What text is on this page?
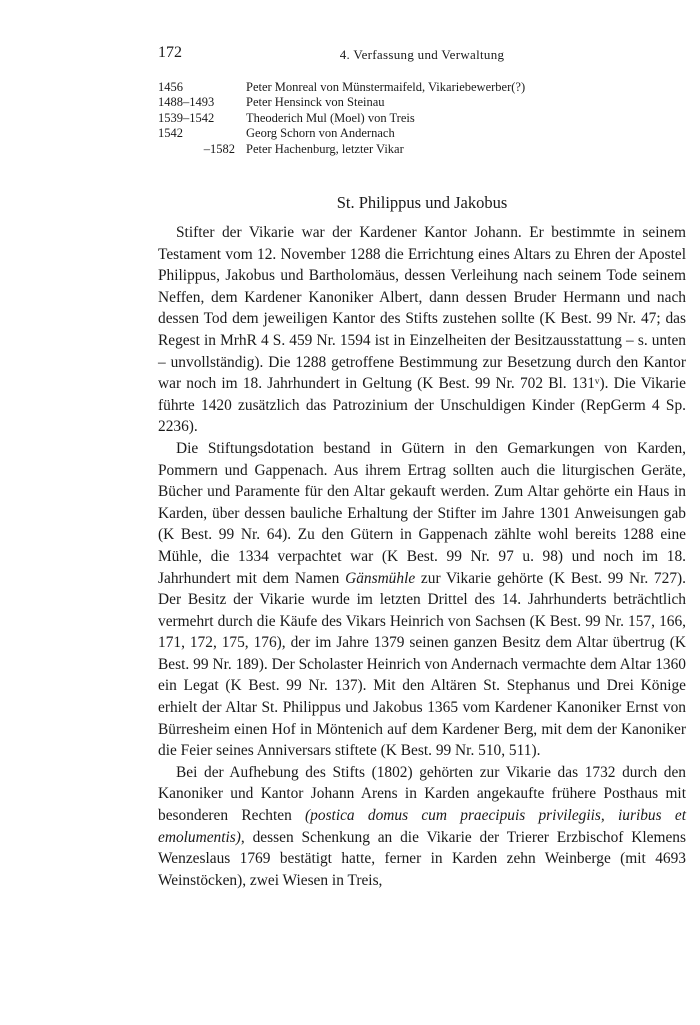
172	4. Verfassung und Verwaltung
1456	Peter Monreal von Münstermaifeld, Vikariebewerber(?)
1488–1493	Peter Hensinck von Steinau
1539–1542	Theoderich Mul (Moel) von Treis
1542	Georg Schorn von Andernach
–1582 Peter Hachenburg, letzter Vikar
St. Philippus und Jakobus

Stifter der Vikarie war der Kardener Kantor Johann. Er bestimmte in seinem Testament vom 12. November 1288 die Errichtung eines Altars zu Ehren der Apostel Philippus, Jakobus und Bartholomäus, dessen Verleihung nach seinem Tode seinem Neffen, dem Kardener Kanoniker Albert, dann dessen Bruder Hermann und nach dessen Tod dem jeweiligen Kantor des Stifts zustehen sollte (K Best. 99 Nr. 47; das Regest in MrhR 4 S. 459 Nr. 1594 ist in Einzelheiten der Besitzausstattung – s. unten – unvollständig). Die 1288 getroffene Bestimmung zur Besetzung durch den Kantor war noch im 18. Jahrhundert in Geltung (K Best. 99 Nr. 702 Bl. 131ᵛ). Die Vikarie führte 1420 zusätzlich das Patrozinium der Unschuldigen Kinder (RepGerm 4 Sp. 2236).

Die Stiftungsdotation bestand in Gütern in den Gemarkungen von Karden, Pommern und Gappenach. Aus ihrem Ertrag sollten auch die liturgischen Geräte, Bücher und Paramente für den Altar gekauft werden. Zum Altar gehörte ein Haus in Karden, über dessen bauliche Erhaltung der Stifter im Jahre 1301 Anweisungen gab (K Best. 99 Nr. 64). Zu den Gütern in Gappenach zählte wohl bereits 1288 eine Mühle, die 1334 verpachtet war (K Best. 99 Nr. 97 u. 98) und noch im 18. Jahrhundert mit dem Namen Gänsmühle zur Vikarie gehörte (K Best. 99 Nr. 727). Der Besitz der Vikarie wurde im letzten Drittel des 14. Jahrhunderts beträchtlich vermehrt durch die Käufe des Vikars Heinrich von Sachsen (K Best. 99 Nr. 157, 166, 171, 172, 175, 176), der im Jahre 1379 seinen ganzen Besitz dem Altar übertrug (K Best. 99 Nr. 189). Der Scholaster Heinrich von Andernach vermachte dem Altar 1360 ein Legat (K Best. 99 Nr. 137). Mit den Altären St. Stephanus und Drei Könige erhielt der Altar St. Philippus und Jakobus 1365 vom Kardener Kanoniker Ernst von Bürresheim einen Hof in Möntenich auf dem Kardener Berg, mit dem der Kanoniker die Feier seines Anniversars stiftete (K Best. 99 Nr. 510, 511).

Bei der Aufhebung des Stifts (1802) gehörten zur Vikarie das 1732 durch den Kanoniker und Kantor Johann Arens in Karden angekaufte frühere Posthaus mit besonderen Rechten (postica domus cum praecipuis privilegiis, iuribus et emolumentis), dessen Schenkung an die Vikarie der Trierer Erzbischof Klemens Wenzeslaus 1769 bestätigt hatte, ferner in Karden zehn Weinberge (mit 4693 Weinstöcken), zwei Wiesen in Treis,
